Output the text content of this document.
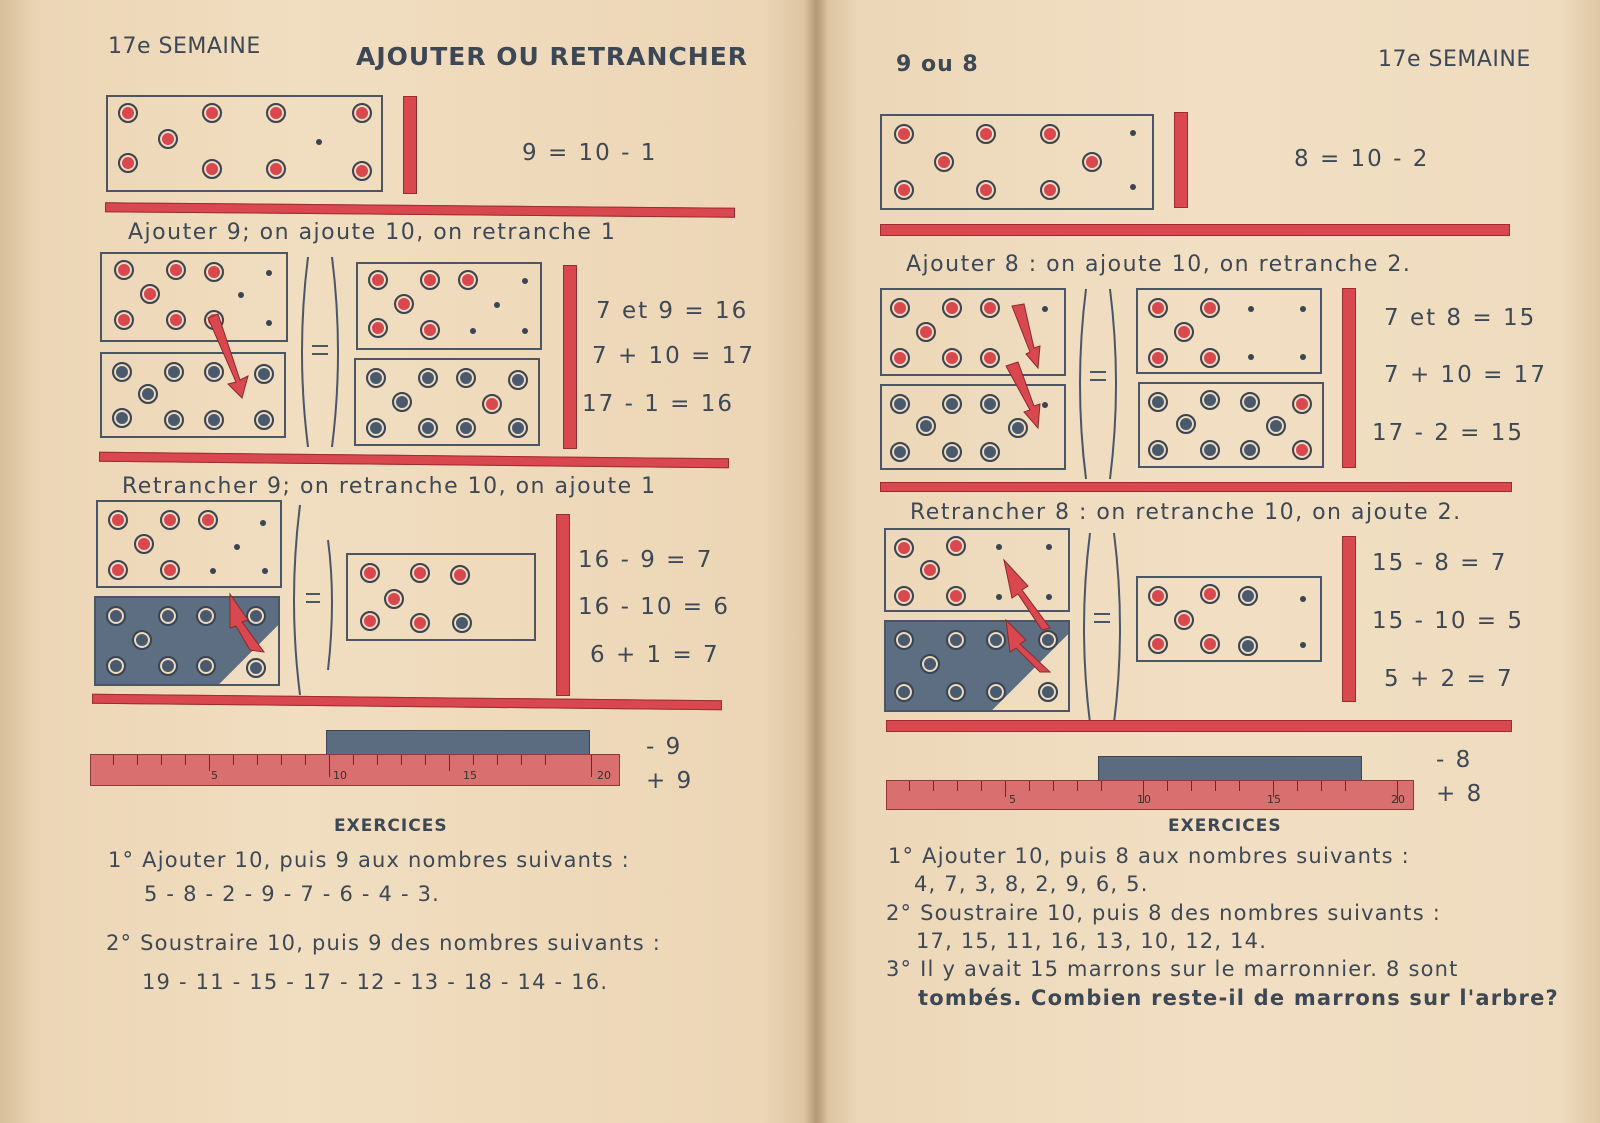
17e SEMAINE	AJOUTER OU RETRANCHER
9 = 10 - 1
Ajouter 9; on ajoute 10, on retranche 1
7 et 9 = 16
7 + 10 = 17
17 - 1 = 16
Retrancher 9; on retranche 10, on ajoute 1
16 - 9 = 7
16 - 10 = 6
6 + 1 = 7
5	10	15	20
- 9
+ 9
EXERCICES
1° Ajouter 10, puis 9 aux nombres suivants :
5 - 8 - 2 - 9 - 7 - 6 - 4 - 3.
2° Soustraire 10, puis 9 des nombres suivants :
19 - 11 - 15 - 17 - 12 - 13 - 18 - 14 - 16.
9 ou 8	17e SEMAINE
8 = 10 - 2
Ajouter 8 : on ajoute 10, on retranche 2.
7 et 8 = 15
7 + 10 = 17
17 - 2 = 15
Retrancher 8 : on retranche 10, on ajoute 2.
15 - 8 = 7
15 - 10 = 5
5 + 2 = 7
5	10	15	20
- 8
+ 8
EXERCICES
1° Ajouter 10, puis 8 aux nombres suivants :
4, 7, 3, 8, 2, 9, 6, 5.
2° Soustraire 10, puis 8 des nombres suivants :
17, 15, 11, 16, 13, 10, 12, 14.
3° Il y avait 15 marrons sur le marronnier. 8 sont
tombés. Combien reste-il de marrons sur l'arbre?
